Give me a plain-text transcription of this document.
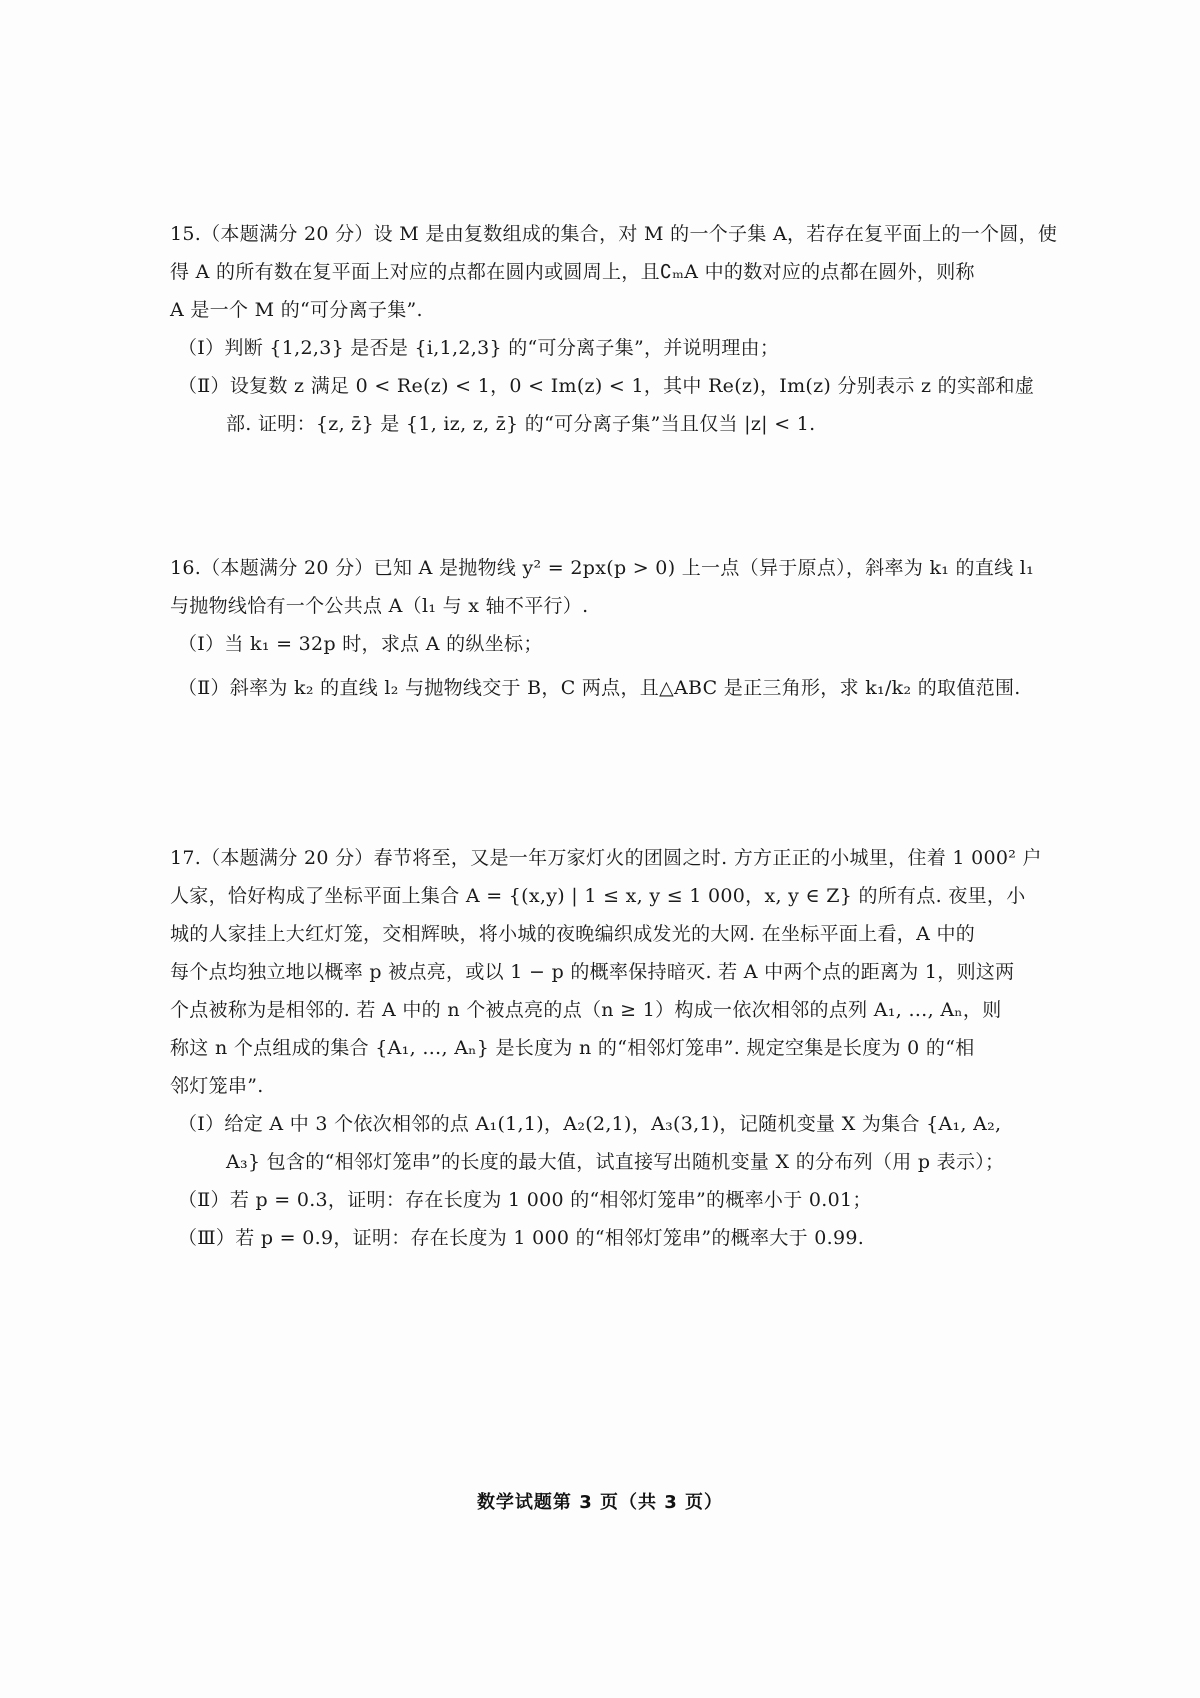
15.（本题满分 20 分）设 M 是由复数组成的集合，对 M 的一个子集 A，若存在复平面上的一个圆，使
得 A 的所有数在复平面上对应的点都在圆内或圆周上，且∁ₘA 中的数对应的点都在圆外，则称
A 是一个 M 的“可分离子集”.
（Ⅰ）判断 {1,2,3} 是否是 {i,1,2,3} 的“可分离子集”，并说明理由；
（Ⅱ）设复数 z 满足 0 < Re(z) < 1，0 < Im(z) < 1，其中 Re(z)，Im(z) 分别表示 z 的实部和虚
部. 证明：{z, z̄} 是 {1, iz, z, z̄} 的“可分离子集”当且仅当 |z| < 1.
16.（本题满分 20 分）已知 A 是抛物线 y² = 2px(p > 0) 上一点（异于原点），斜率为 k₁ 的直线 l₁
与抛物线恰有一个公共点 A（l₁ 与 x 轴不平行）.
（Ⅰ）当 k₁ = 32p 时，求点 A 的纵坐标；
（Ⅱ）斜率为 k₂ 的直线 l₂ 与抛物线交于 B，C 两点，且△ABC 是正三角形，求 k₁/k₂ 的取值范围.
17.（本题满分 20 分）春节将至，又是一年万家灯火的团圆之时. 方方正正的小城里，住着 1 000² 户
人家，恰好构成了坐标平面上集合 A = {(x,y) | 1 ≤ x, y ≤ 1 000，x, y ∈ Z} 的所有点. 夜里，小
城的人家挂上大红灯笼，交相辉映，将小城的夜晚编织成发光的大网. 在坐标平面上看，A 中的
每个点均独立地以概率 p 被点亮，或以 1 − p 的概率保持暗灭. 若 A 中两个点的距离为 1，则这两
个点被称为是相邻的. 若 A 中的 n 个被点亮的点（n ≥ 1）构成一依次相邻的点列 A₁, …, Aₙ，则
称这 n 个点组成的集合 {A₁, …, Aₙ} 是长度为 n 的“相邻灯笼串”. 规定空集是长度为 0 的“相
邻灯笼串”.
（Ⅰ）给定 A 中 3 个依次相邻的点 A₁(1,1)，A₂(2,1)，A₃(3,1)，记随机变量 X 为集合 {A₁, A₂,
A₃} 包含的“相邻灯笼串”的长度的最大值，试直接写出随机变量 X 的分布列（用 p 表示）；
（Ⅱ）若 p = 0.3，证明：存在长度为 1 000 的“相邻灯笼串”的概率小于 0.01；
（Ⅲ）若 p = 0.9，证明：存在长度为 1 000 的“相邻灯笼串”的概率大于 0.99.
数学试题第 3 页（共 3 页）
